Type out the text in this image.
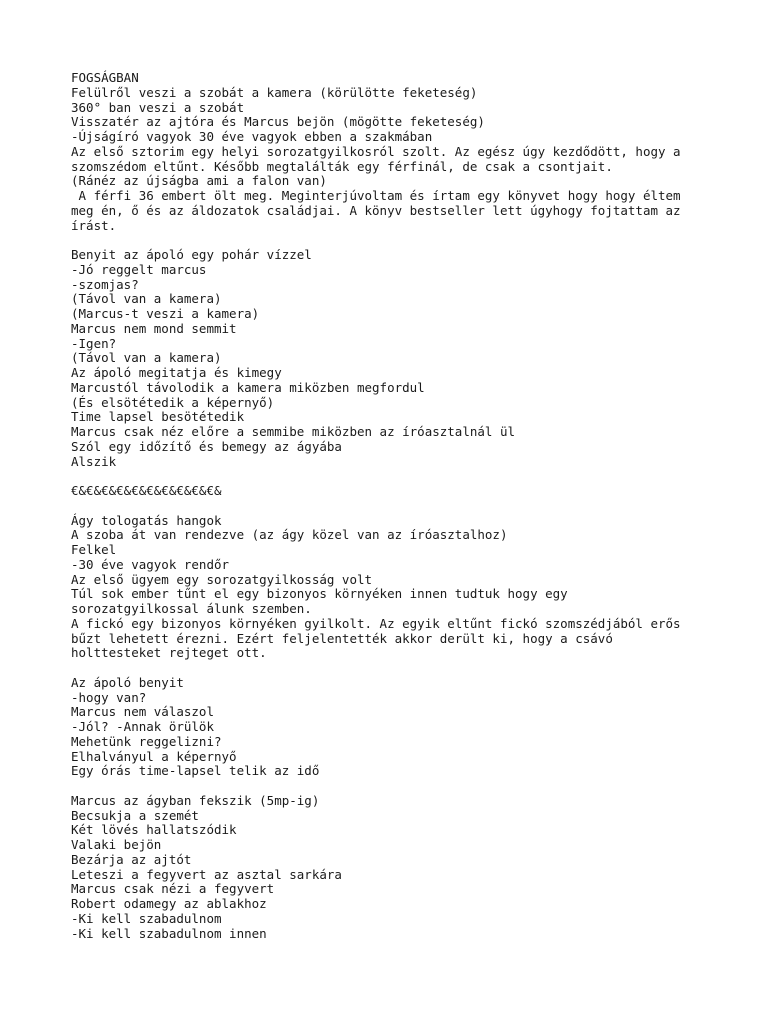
FOGSÁGBAN
Felülről veszi a szobát a kamera (körülötte feketeség)
360° ban veszi a szobát
Visszatér az ajtóra és Marcus bejön (mögötte feketeség)
-Újságíró vagyok 30 éve vagyok ebben a szakmában
Az első sztorim egy helyi sorozatgyilkosról szolt. Az egész úgy kezdődött, hogy a
szomszédom eltűnt. Később megtalálták egy férfinál, de csak a csontjait.
(Ránéz az újságba ami a falon van)
A férfi 36 embert ölt meg. Meginterjúvoltam és írtam egy könyvet hogy hogy éltem
meg én, ő és az áldozatok családjai. A könyv bestseller lett úgyhogy fojtattam az
írást.
Benyit az ápoló egy pohár vízzel
-Jó reggelt marcus
-szomjas?
(Távol van a kamera)
(Marcus-t veszi a kamera)
Marcus nem mond semmit
-Igen?
(Távol van a kamera)
Az ápoló megitatja és kimegy
Marcustól távolodik a kamera miközben megfordul
(És elsötétedik a képernyő)
Time lapsel besötétedik
Marcus csak néz előre a semmibe miközben az íróasztalnál ül
Szól egy időzítő és bemegy az ágyába
Alszik
€&€&€&€&€&€&€&€&€&€&
Ágy tologatás hangok
A szoba át van rendezve (az ágy közel van az íróasztalhoz)
Felkel
-30 éve vagyok rendőr
Az első ügyem egy sorozatgyilkosság volt
Túl sok ember tűnt el egy bizonyos környéken innen tudtuk hogy egy
sorozatgyilkossal álunk szemben.
A fickó egy bizonyos környéken gyilkolt. Az egyik eltűnt fickó szomszédjából erős
bűzt lehetett érezni. Ezért feljelentették akkor derült ki, hogy a csávó
holttesteket rejteget ott.
Az ápoló benyit
-hogy van?
Marcus nem válaszol
-Jól? -Annak örülök
Mehetünk reggelizni?
Elhalványul a képernyő
Egy órás time-lapsel telik az idő
Marcus az ágyban fekszik (5mp-ig)
Becsukja a szemét
Két lövés hallatszódik
Valaki bejön
Bezárja az ajtót
Leteszi a fegyvert az asztal sarkára
Marcus csak nézi a fegyvert
Robert odamegy az ablakhoz
-Ki kell szabadulnom
-Ki kell szabadulnom innen
